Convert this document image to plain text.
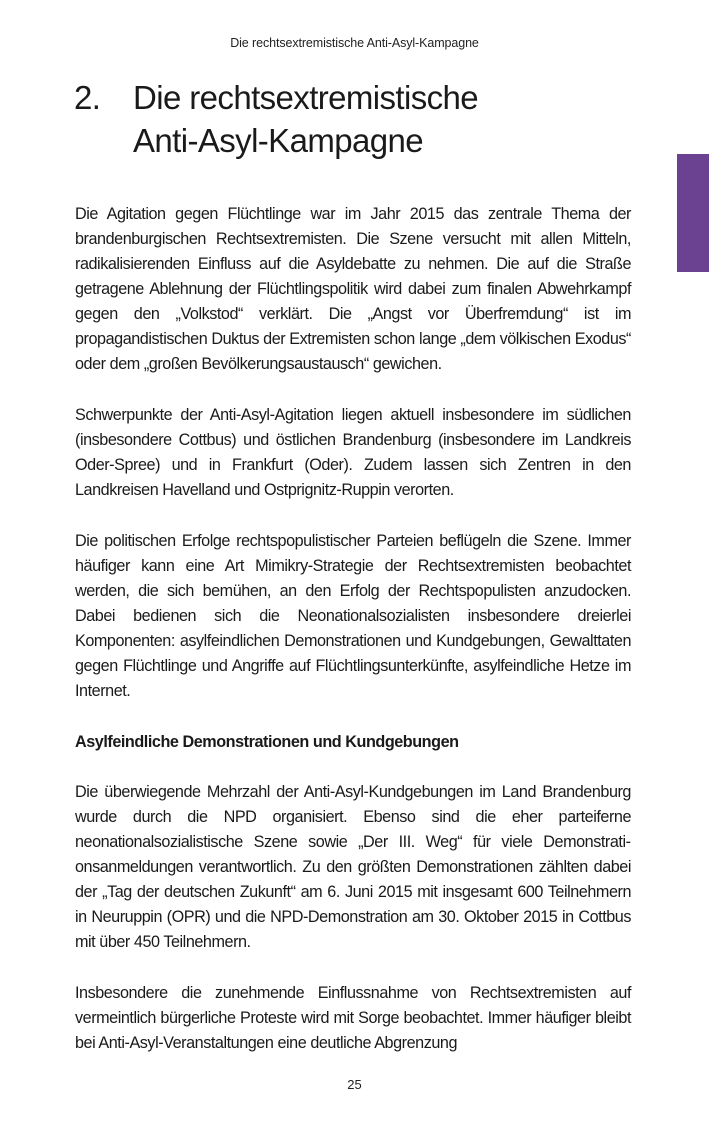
Die rechtsextremistische Anti-Asyl-Kampagne
2. Die rechtsextremistische
Anti-Asyl-Kampagne

Die Agitation gegen Flüchtlinge war im Jahr 2015 das zentrale Thema der brandenburgischen Rechtsextremisten. Die Szene versucht mit allen Mitteln, radikalisierenden Einfluss auf die Asyldebatte zu nehmen. Die auf die Straße getragene Ablehnung der Flüchtlingspolitik wird dabei zum finalen Abwehrkampf gegen den „Volkstod“ verklärt. Die „Angst vor Überfremdung“ ist im propagandistischen Duktus der Extremisten schon lange „dem völkischen Exodus“ oder dem „großen Bevölkerungsaustausch“ gewichen.

Schwerpunkte der Anti-Asyl-Agitation liegen aktuell insbesondere im südlichen (insbesondere Cottbus) und östlichen Brandenburg (insbesondere im Landkreis Oder-Spree) und in Frankfurt (Oder). Zudem lassen sich Zentren in den Landkreisen Havelland und Ostprignitz-Ruppin verorten.

Die politischen Erfolge rechtspopulistischer Parteien beflügeln die Szene. Immer häufiger kann eine Art Mimikry-Strategie der Rechtsextremisten beobachtet werden, die sich bemühen, an den Erfolg der Rechtspopulisten anzudocken. Dabei bedienen sich die Neonationalsozialisten insbesondere dreierlei Komponenten: asylfeindlichen Demonstrationen und Kundgebungen, Gewalttaten gegen Flüchtlinge und Angriffe auf Flüchtlingsunterkünfte, asylfeindliche Hetze im Internet.

Asylfeindliche Demonstrationen und Kundgebungen

Die überwiegende Mehrzahl der Anti-Asyl-Kundgebungen im Land Brandenburg wurde durch die NPD organisiert. Ebenso sind die eher parteiferne neonationalsozialistische Szene sowie „Der III. Weg“ für viele Demonstrationsanmeldungen verantwortlich. Zu den größten Demonstrationen zählten dabei der „Tag der deutschen Zukunft“ am 6. Juni 2015 mit insgesamt 600 Teilnehmern in Neuruppin (OPR) und die NPD-Demonstration am 30. Oktober 2015 in Cottbus mit über 450 Teilnehmern.

Insbesondere die zunehmende Einflussnahme von Rechtsextremisten auf vermeintlich bürgerliche Proteste wird mit Sorge beobachtet. Immer häufiger bleibt bei Anti-Asyl-Veranstaltungen eine deutliche Abgrenzung

25
